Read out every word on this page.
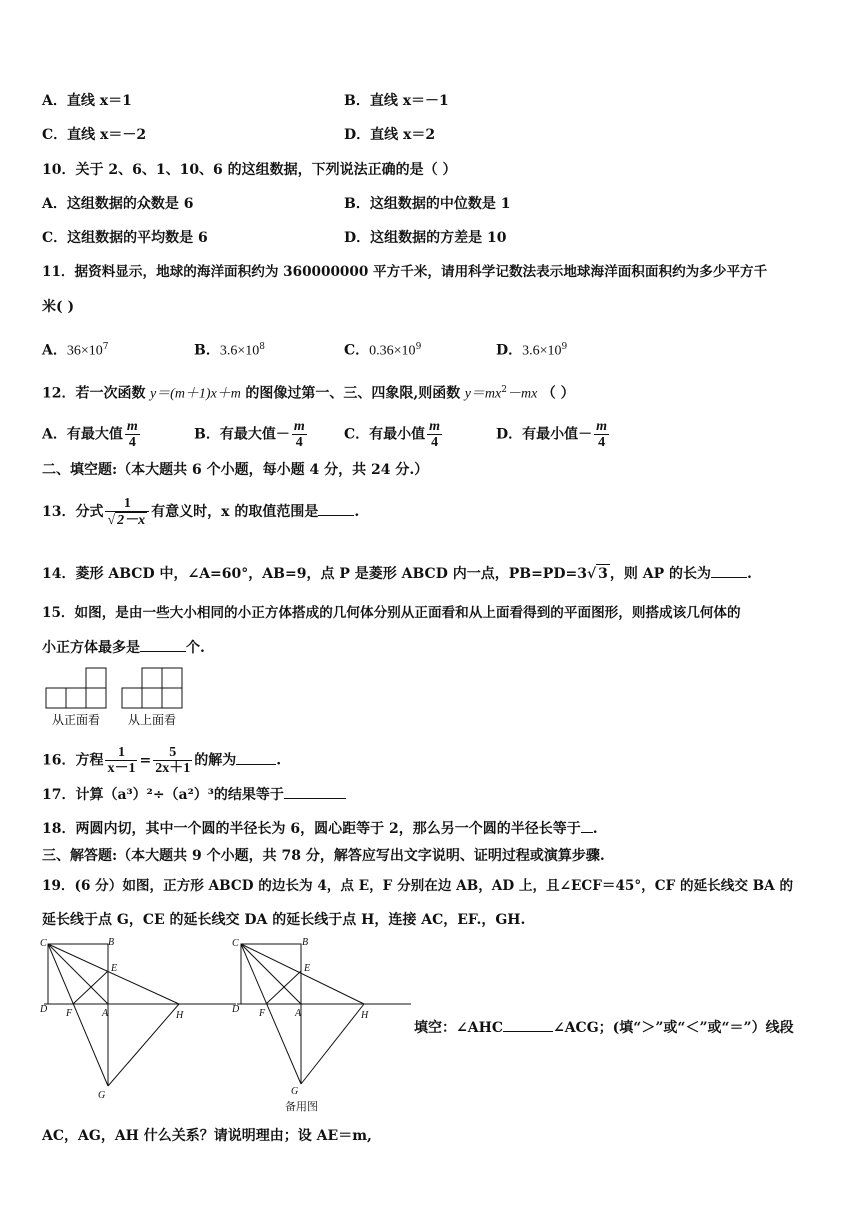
A．直线 x＝1	B．直线 x＝－1
C．直线 x＝－2	D．直线 x＝2
10．关于 2、6、1、10、6 的这组数据，下列说法正确的是（ ）
A．这组数据的众数是 6	B．这组数据的中位数是 1
C．这组数据的平均数是 6	D．这组数据的方差是 10
11．据资料显示，地球的海洋面积约为 360000000 平方千米，请用科学记数法表示地球海洋面积面积约为多少平方千
米( )
A．$36\times 10^7$	B．$3.6\times 10^8$	C．$0.36\times 10^9$	D．$3.6\times 10^9$
12．若一次函数 y＝(m＋1)x＋m 的图像过第一、三、四象限,则函数 $y=mx^2-mx$ （ ）
A．有最大值 $\frac{m}{4}$	B．有最大值－ $\frac{m}{4}$	C．有最小值 $\frac{m}{4}$	D．有最小值－ $\frac{m}{4}$
二、填空题:（本大题共 6 个小题，每小题 4 分，共 24 分.）
13．分式 $\frac{1}{√ 2-x}$ 有意义时，x 的取值范围是	.
14．菱形 ABCD 中，∠A=60°，AB=9，点 P 是菱形 ABCD 内一点，PB=PD=3√ 3 ，则 AP 的长为	.
15．如图，是由一些大小相同的小正方体搭成的几何体分别从正面看和从上面看得到的平面图形，则搭成该几何体的
小正方体最多是	个.
从正面看 从上面看
16．方程 $\frac{1}{x-1} = \frac{5}{2x+1}$ 的解为	.
17．计算（a³）²÷（a²）³的结果等于
18．两圆内切，其中一个圆的半径长为 6，圆心距等于 2，那么另一个圆的半径长等于 .
三、解答题:（本大题共 9 个小题，共 78 分，解答应写出文字说明、证明过程或演算步骤.
19．(6 分）如图，正方形 ABCD 的边长为 4，点 E，F 分别在边 AB，AD 上，且∠ECF＝45°，CF 的延长线交 BA 的
延长线于点 G，CE 的延长线交 DA 的延长线于点 H，连接 AC，EF.，GH.
C	B
E
D F	A	H
G
C	B
E
D F	A	H
G
备用图
填空：∠AHC	∠ACG；(填“＞”或“＜”或“＝”）线段
AC，AG，AH 什么关系？请说明理由；设 AE＝m,
